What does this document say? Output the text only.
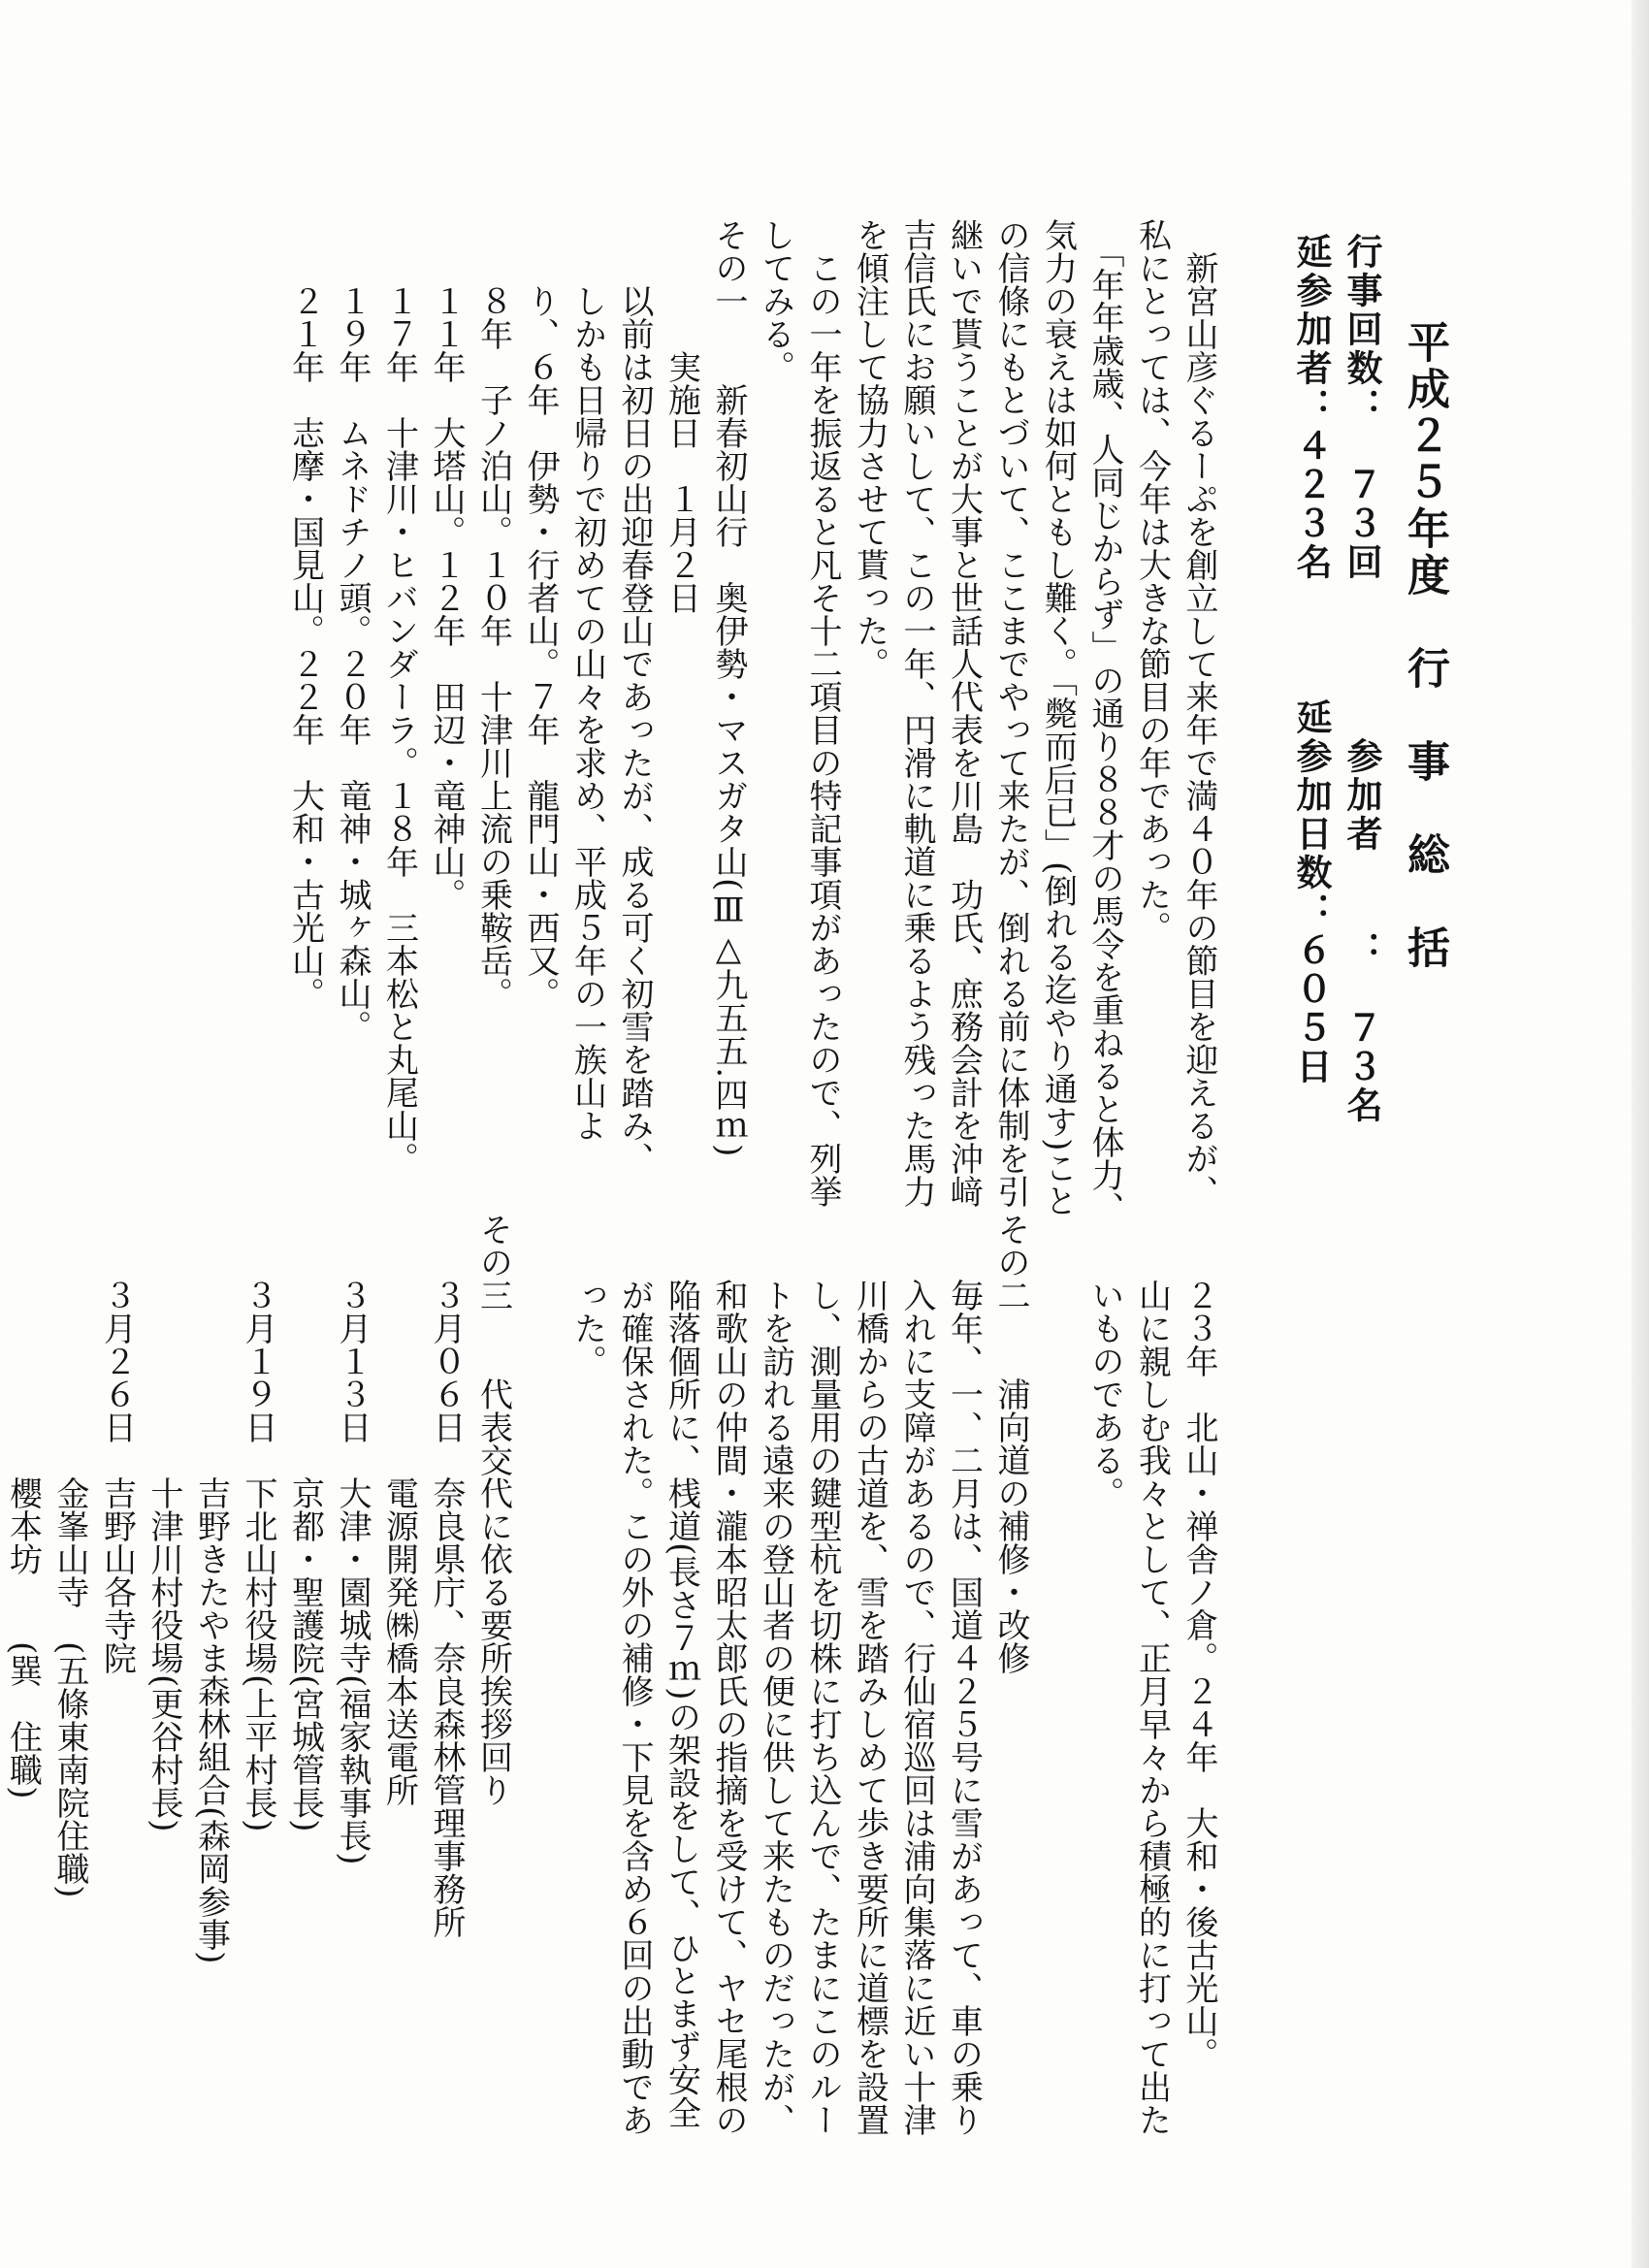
平成２５年度　行　事　総　括
行事回数：　７３回　　　　参加者　　：　７３名
延参加者：４２３名　　　延参加日数：６０５日
　新宮山彦ぐるーぷを創立して来年で満４０年の節目を迎えるが、
私にとっては、今年は大きな節目の年であった。
　「年年歳歳、人同じからず」の通り８８才の馬令を重ねると体力、
気力の衰えは如何ともし難く。「斃而后已」(倒れる迄やり通す)こと
の信條にもとづいて、ここまでやって来たが、倒れる前に体制を引
継いで貰うことが大事と世話人代表を川島　功氏、庶務会計を沖﨑
吉信氏にお願いして、この一年、円滑に軌道に乗るよう残った馬力
を傾注して協力させて貰った。
　この一年を振返ると凡そ十二項目の特記事項があったので、列挙
してみる。
その一　　新春初山行　奥伊勢・マスガタ山(Ⅲ△九五五.四ｍ)
　　　　実施日　１月２日
　　以前は初日の出迎春登山であったが、成る可く初雪を踏み、
　　しかも日帰りで初めての山々を求め、平成５年の一族山よ
　　り、６年　伊勢・行者山。７年　龍門山・西又。
　　８年　子ノ泊山。１０年　十津川上流の乗鞍岳。
　　１１年　大塔山。１２年　田辺・竜神山。
　　１７年　十津川・ヒバンダーラ。１８年　三本松と丸尾山。
　　１９年　ムネドチノ頭。２０年　竜神・城ヶ森山。
　　２１年　志摩・国見山。２２年　大和・古光山。
　　２３年　北山・禅舎ノ倉。２４年　大和・後古光山。
　　山に親しむ我々として、正月早々から積極的に打って出た
　　いものである。
その二　　浦向道の補修・改修
　　毎年、一、二月は、国道４２５号に雪があって、車の乗り
　　入れに支障があるので、行仙宿巡回は浦向集落に近い十津
　　川橋からの古道を、雪を踏みしめて歩き要所に道標を設置
　　し、測量用の鍵型杭を切株に打ち込んで、たまにこのルー
　　トを訪れる遠来の登山者の便に供して来たものだったが、
　　和歌山の仲間・瀧本昭太郎氏の指摘を受けて、ヤセ尾根の
　　陥落個所に、桟道(長さ７ｍ)の架設をして、ひとまず安全
　　が確保された。この外の補修・下見を含め６回の出動であ
　　った。
その三　　代表交代に依る要所挨拶回り
　　３月０６日　奈良県庁、奈良森林管理事務所
　　　　　　　　電源開発㈱橋本送電所
　　３月１３日　大津・園城寺(福家執事長)
　　　　　　　　京都・聖護院(宮城管長)
　　３月１９日　下北山村役場(上平村長)
　　　　　　　　吉野きたやま森林組合(森岡参事)
　　　　　　　　十津川村役場(更谷村長)
　　３月２６日　吉野山各寺院
　　　　　　　　金峯山寺　(五條東南院住職)
　　　　　　　　櫻本坊　　(巽　住職)
